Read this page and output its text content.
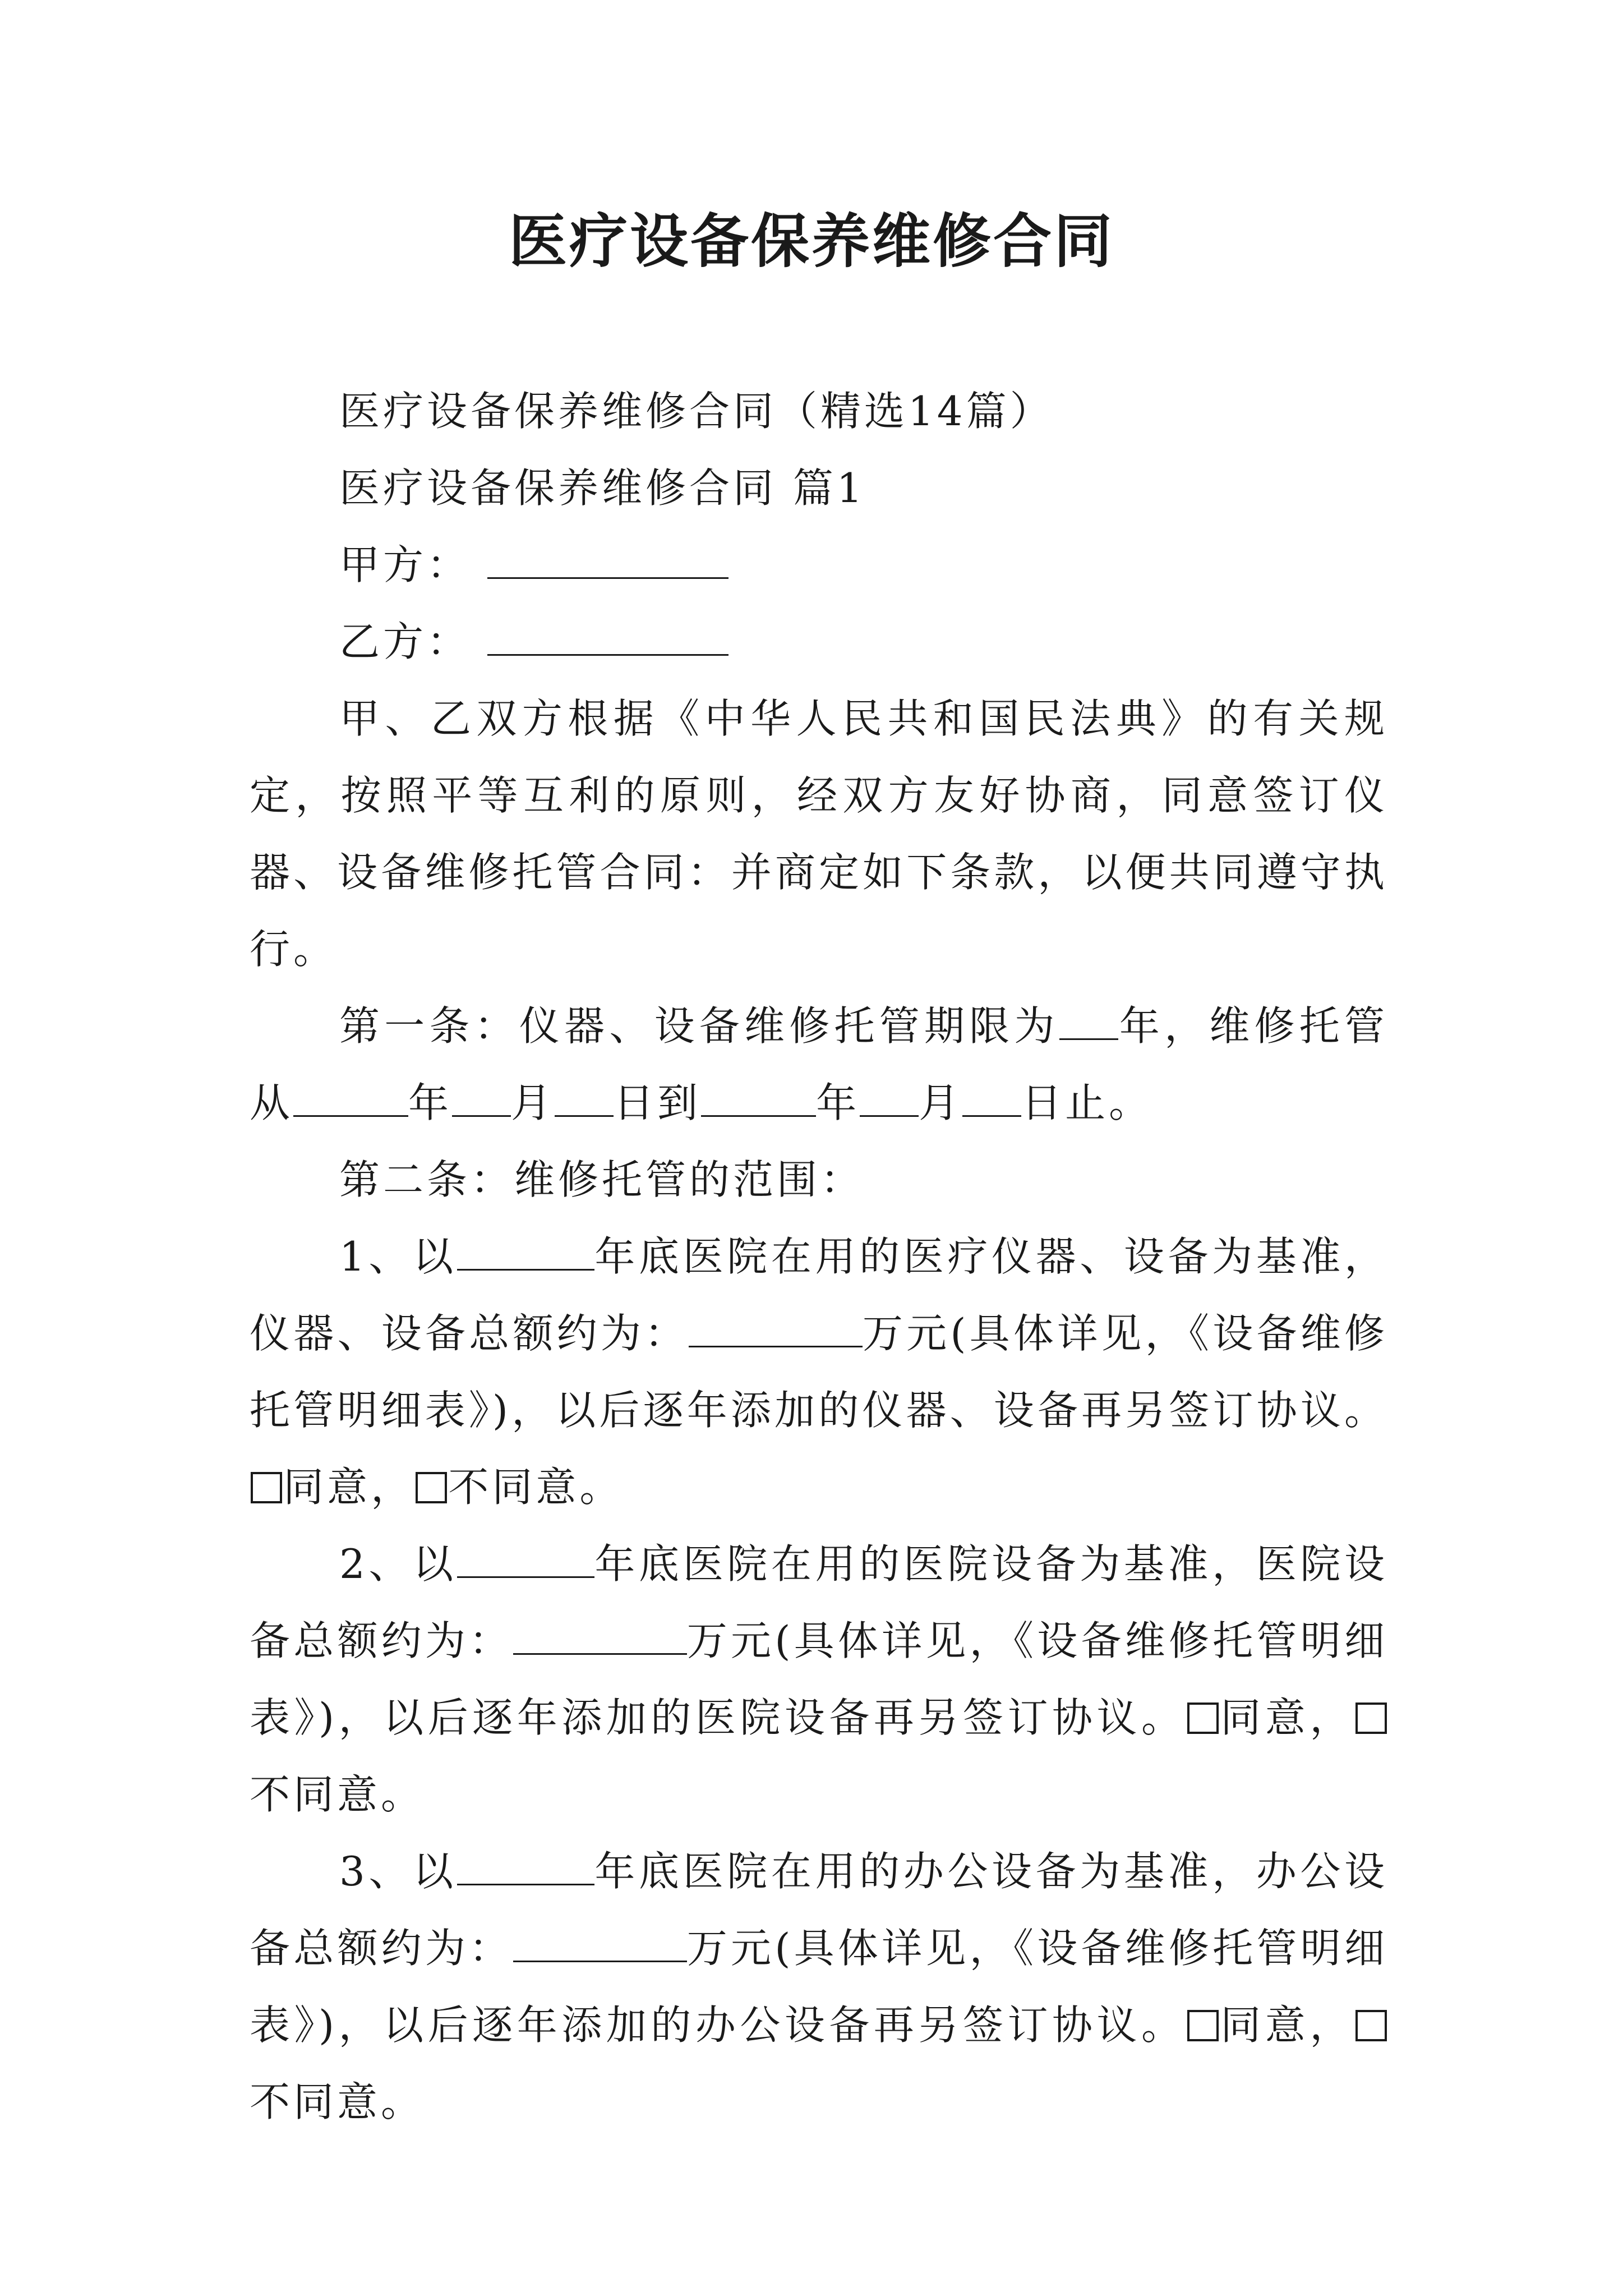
医疗设备保养维修合同

医疗设备保养维修合同（精选14篇）

医疗设备保养维修合同 篇1

甲方：

乙方：

甲、乙双方根据《中华人民共和国民法典》的有关规定，按照平等互利的原则，经双方友好协商，同意签订仪器、设备维修托管合同：并商定如下条款，以便共同遵守执行。

第一条：仪器、设备维修托管期限为 年，维修托管从	年 月 日到	年 月 日止。

第二条：维修托管的范围：

1、以	年底医院在用的医疗仪器、设备为基准，仪器、设备总额约为：	万元(具体详见，《设备维修托管明细表》)，以后逐年添加的仪器、设备再另签订协议。同意， 不同意。

2、以	年底医院在用的医院设备为基准，医院设备总额约为：	万元(具体详见，《设备维修托管明细表》)，以后逐年添加的医院设备再另签订协议。 同意，不同意。

3、以	年底医院在用的办公设备为基准，办公设备总额约为：	万元(具体详见，《设备维修托管明细表》)，以后逐年添加的办公设备再另签订协议。 同意，不同意。
